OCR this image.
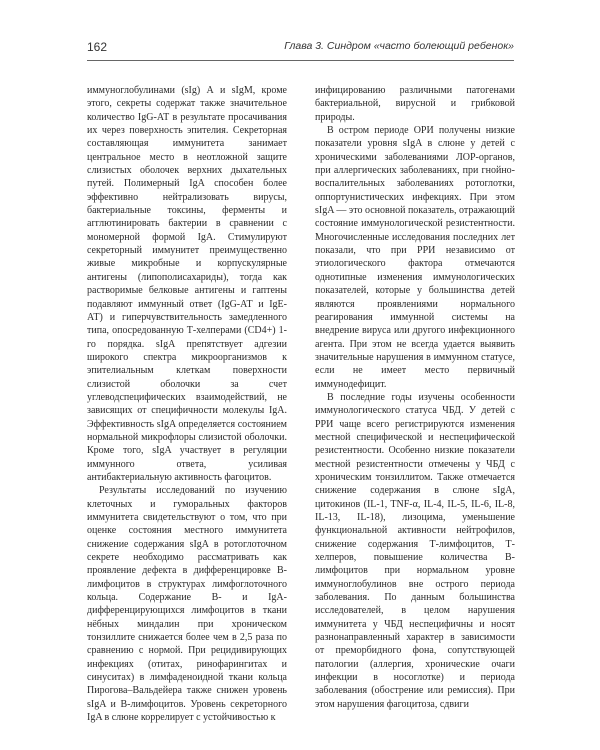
162	Глава 3. Синдром «часто болеющий ребенок»

иммуноглобулинами (sIg) А и sIgM, кроме этого, секреты содержат также значительное количество IgG-АТ в результате просачивания их через поверхность эпителия. Секреторная составляющая иммунитета занимает центральное место в неотложной защите слизистых оболочек верхних дыхательных путей. Полимерный IgA способен более эффективно нейтрализовать вирусы, бактериальные токсины, ферменты и агглютинировать бактерии в сравнении с мономерной формой IgA. Стимулируют секреторный иммунитет преимущественно живые микробные и корпускулярные антигены (липополисахариды), тогда как растворимые белковые антигены и гаптены подавляют иммунный ответ (IgG-АТ и IgE-АТ) и гиперчувствительность замедленного типа, опосредованную Т-хелперами (CD4+) 1-го порядка. sIgA препятствует адгезии широкого спектра микроорганизмов к эпителиальным клеткам поверхности слизистой оболочки за счет углеводспецифических взаимодействий, не зависящих от специфичности молекулы IgA. Эффективность sIgA определяется состоянием нормальной микрофлоры слизистой оболочки. Кроме того, sIgA участвует в регуляции иммунного ответа, усиливая антибактериальную активность фагоцитов.

Результаты исследований по изучению клеточных и гуморальных факторов иммунитета свидетельствуют о том, что при оценке состояния местного иммунитета снижение содержания sIgA в ротоглоточном секрете необходимо рассматривать как проявление дефекта в дифференцировке В-лимфоцитов в структурах лимфоглоточного кольца. Содержание В- и IgA-дифференцирующихся лимфоцитов в ткани нёбных миндалин при хроническом тонзиллите снижается более чем в 2,5 раза по сравнению с нормой. При рецидивирующих инфекциях (отитах, ринофарингитах и синуситах) в лимфаденоидной ткани кольца Пирогова–Вальдейера также снижен уровень sIgA и В-лимфоцитов. Уровень секреторного IgA в слюне коррелирует с устойчивостью к

инфицированию различными патогенами бактериальной, вирусной и грибковой природы.

В остром периоде ОРИ получены низкие показатели уровня sIgA в слюне у детей с хроническими заболеваниями ЛОР-органов, при аллергических заболеваниях, при гнойно-воспалительных заболеваниях ротоглотки, оппортунистических инфекциях. При этом sIgA — это основной показатель, отражающий состояние иммунологической резистентности. Многочисленные исследования последних лет показали, что при РРИ независимо от этиологического фактора отмечаются однотипные изменения иммунологических показателей, которые у большинства детей являются проявлениями нормального реагирования иммунной системы на внедрение вируса или другого инфекционного агента. При этом не всегда удается выявить значительные нарушения в иммунном статусе, если не имеет место первичный иммунодефицит.

В последние годы изучены особенности иммунологического статуса ЧБД. У детей с РРИ чаще всего регистрируются изменения местной специфической и неспецифической резистентности. Особенно низкие показатели местной резистентности отмечены у ЧБД с хроническим тонзиллитом. Также отмечается снижение содержания в слюне sIgA, цитокинов (IL-1, TNF-α, IL-4, IL-5, IL-6, IL-8, IL-13, IL-18), лизоцима, уменьшение функциональной активности нейтрофилов, снижение содержания Т-лимфоцитов, Т-хелперов, повышение количества В-лимфоцитов при нормальном уровне иммуноглобулинов вне острого периода заболевания. По данным большинства исследователей, в целом нарушения иммунитета у ЧБД неспецифичны и носят разнонаправленный характер в зависимости от преморбидного фона, сопутствующей патологии (аллергия, хронические очаги инфекции в носоглотке) и периода заболевания (обострение или ремиссия). При этом нарушения фагоцитоза, сдвиги
